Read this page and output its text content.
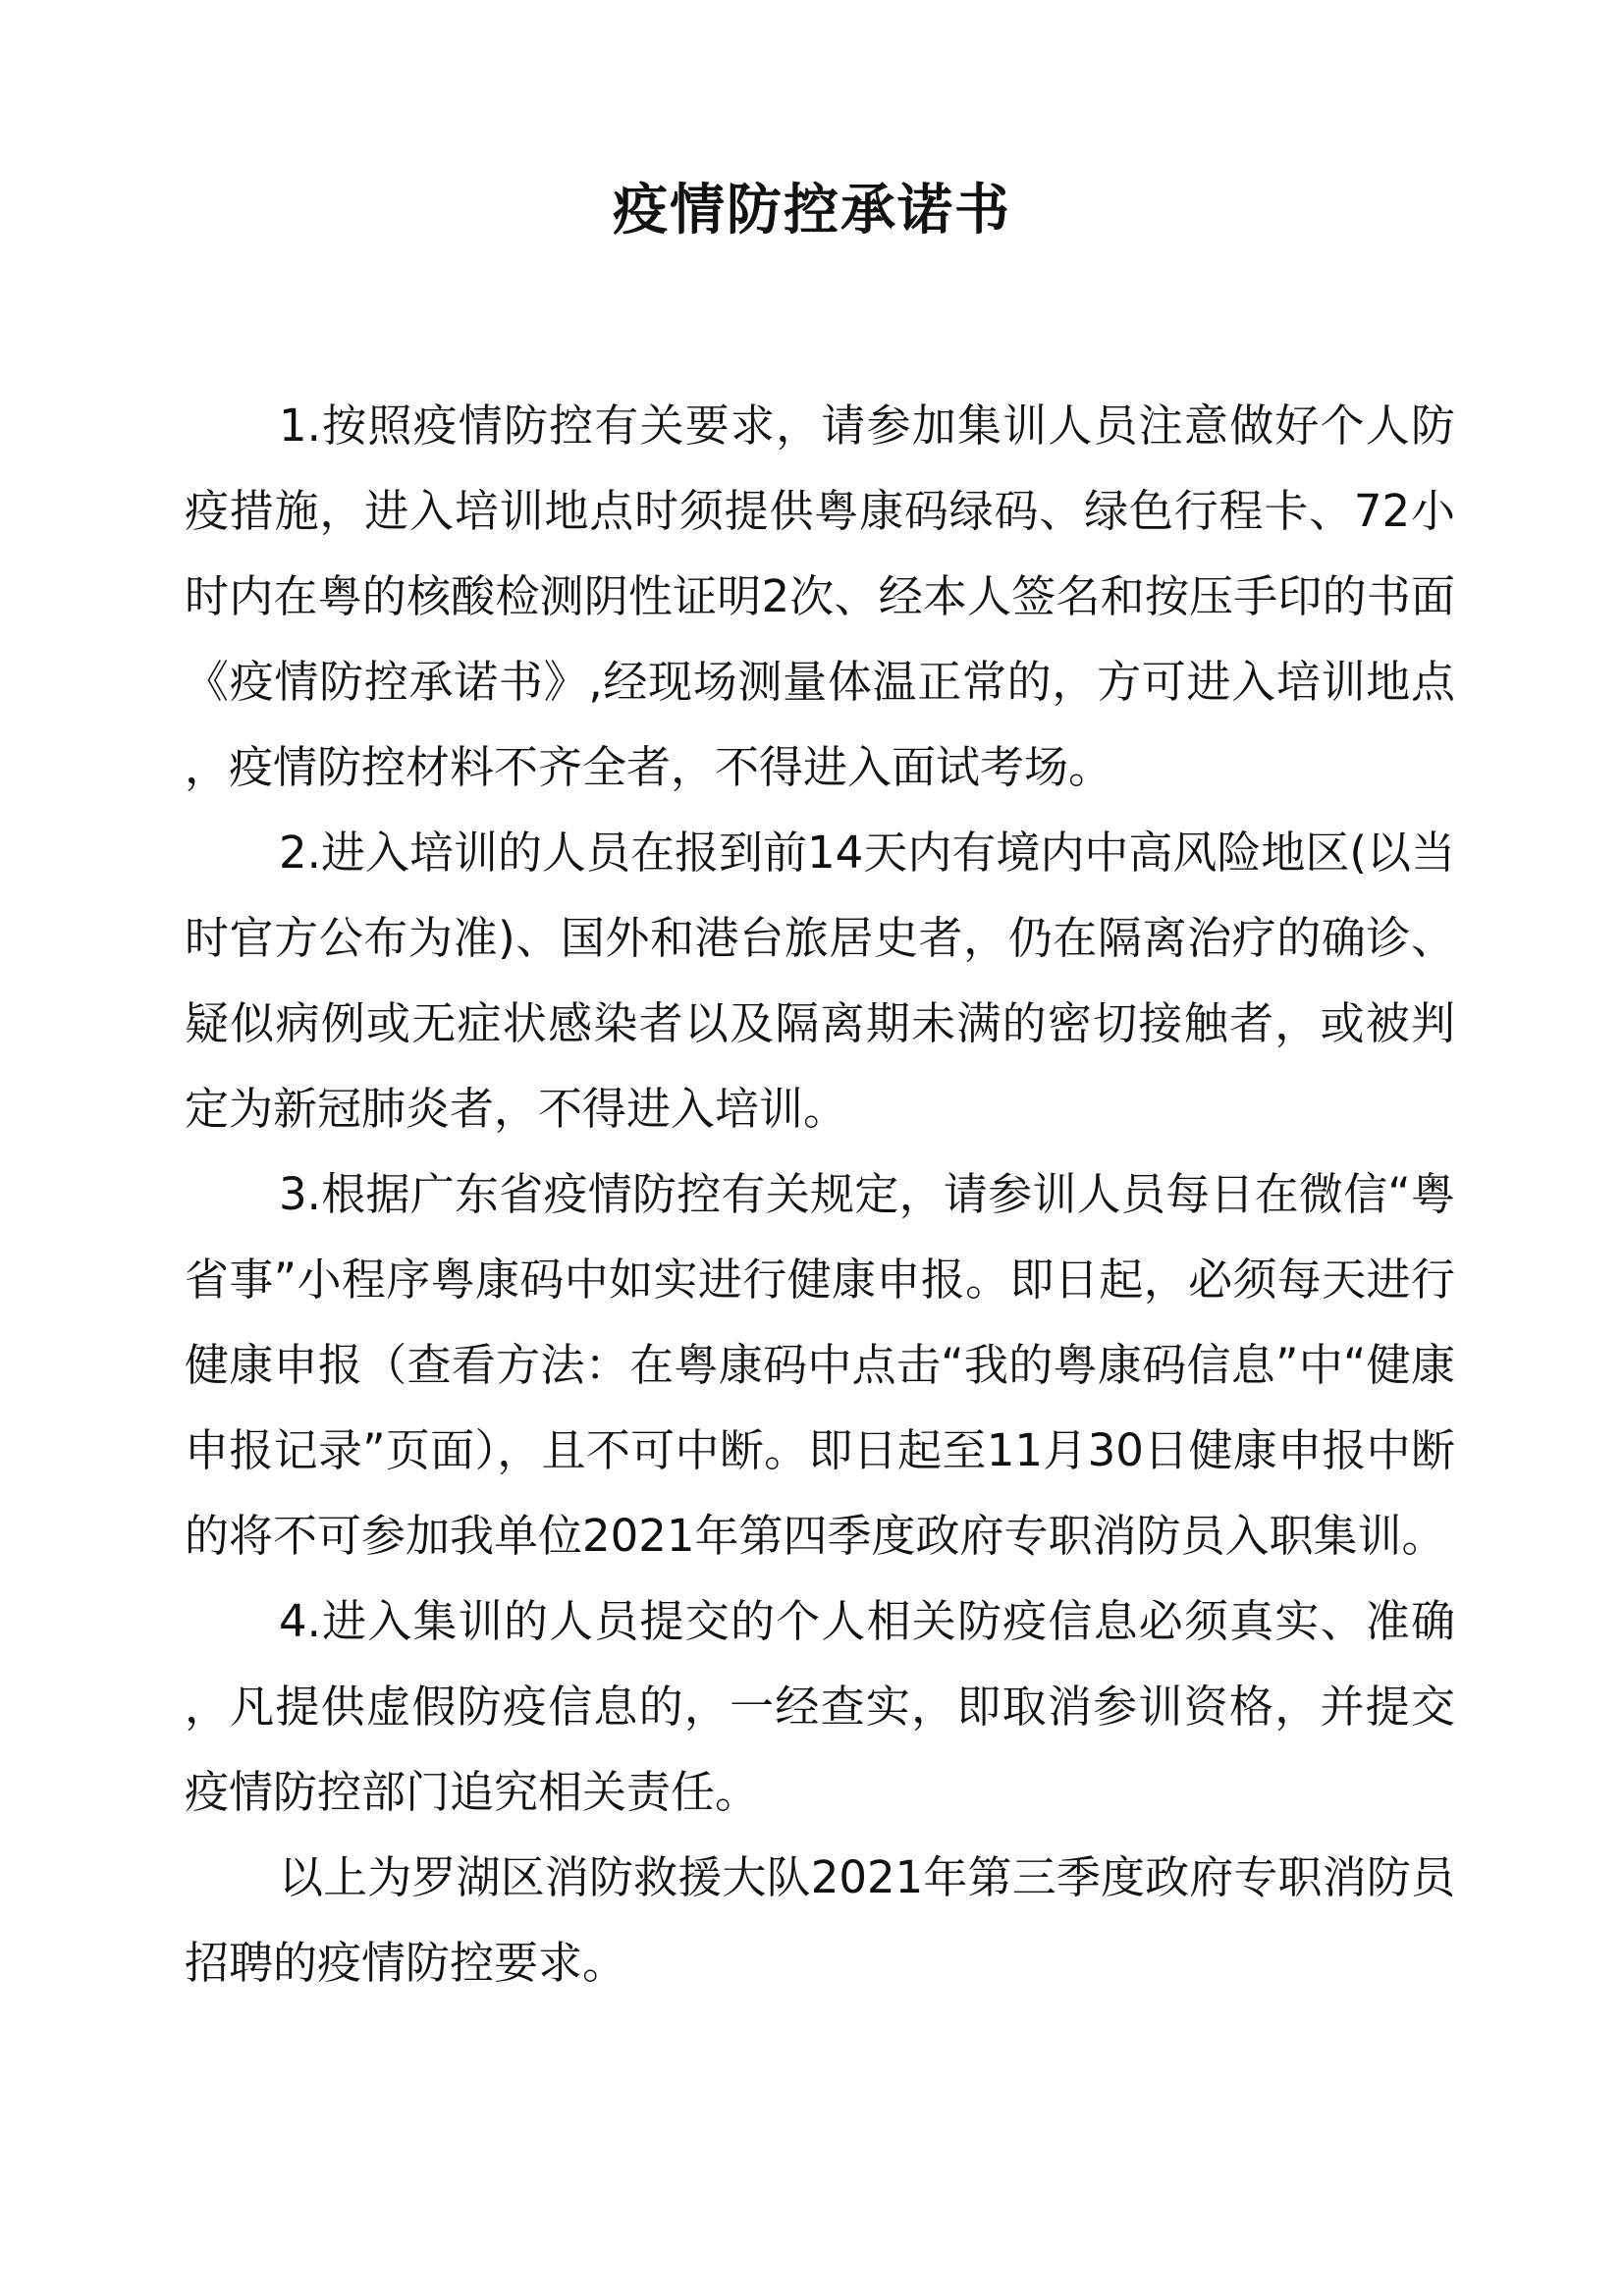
疫情防控承诺书

1.按照疫情防控有关要求，请参加集训人员注意做好个人防疫措施，进入培训地点时须提供粤康码绿码、绿色行程卡、72小时内在粤的核酸检测阴性证明2次、经本人签名和按压手印的书面《疫情防控承诺书》,经现场测量体温正常的，方可进入培训地点，疫情防控材料不齐全者，不得进入面试考场。

2.进入培训的人员在报到前14天内有境内中高风险地区(以当时官方公布为准)、国外和港台旅居史者，仍在隔离治疗的确诊、疑似病例或无症状感染者以及隔离期未满的密切接触者，或被判定为新冠肺炎者，不得进入培训。

3.根据广东省疫情防控有关规定，请参训人员每日在微信“粤省事”小程序粤康码中如实进行健康申报。即日起，必须每天进行健康申报（查看方法：在粤康码中点击“我的粤康码信息”中“健康申报记录”页面），且不可中断。即日起至11月30日健康申报中断的将不可参加我单位2021年第四季度政府专职消防员入职集训。

4.进入集训的人员提交的个人相关防疫信息必须真实、准确，凡提供虚假防疫信息的，一经查实，即取消参训资格，并提交疫情防控部门追究相关责任。

以上为罗湖区消防救援大队2021年第三季度政府专职消防员招聘的疫情防控要求。
